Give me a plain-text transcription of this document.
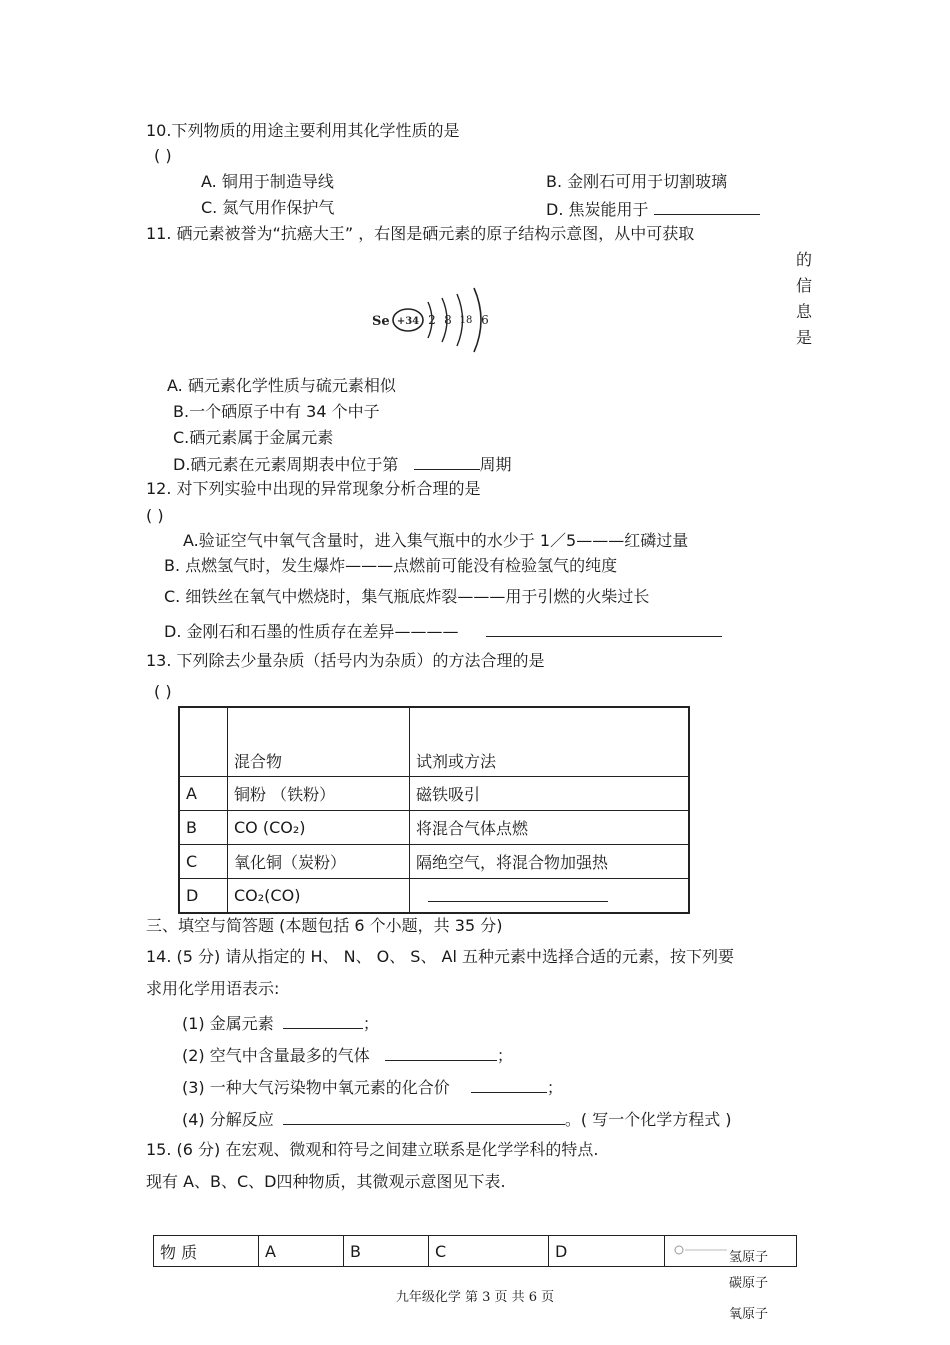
10.下列物质的用途主要利用其化学性质的是
( )
A. 铜用于制造导线	B. 金刚石可用于切割玻璃
C. 氮气用作保护气	D. 焦炭能用于
11. 硒元素被誉为“抗癌大王” ，右图是硒元素的原子结构示意图，从中可获取
的
信
息
是
Se +34 2 8 18 6
A. 硒元素化学性质与硫元素相似
B.一个硒原子中有 34 个中子
C.硒元素属于金属元素
D.硒元素在元素周期表中位于第	周期
12. 对下列实验中出现的异常现象分析合理的是
( )
A.验证空气中氧气含量时，进入集气瓶中的水少于 1／5———红磷过量
B. 点燃氢气时，发生爆炸———点燃前可能没有检验氢气的纯度
C. 细铁丝在氧气中燃烧时，集气瓶底炸裂———用于引燃的火柴过长
D. 金刚石和石墨的性质存在差异————
13. 下列除去少量杂质（括号内为杂质）的方法合理的是
( )
	混合物	试剂或方法
A	铜粉 （铁粉）	磁铁吸引
B	CO (CO₂)	将混合气体点燃
C	氧化铜（炭粉）	隔绝空气，将混合物加强热
D	CO₂(CO)	
三、填空与简答题 (本题包括 6 个小题，共 35 分)
14. (5 分) 请从指定的 H、 N、 O、 S、 Al 五种元素中选择合适的元素，按下列要
求用化学用语表示:
(1) 金属元素	；
(2) 空气中含量最多的气体	；
(3) 一种大气污染物中氧元素的化合价	；
(4) 分解反应	。( 写一个化学方程式 )
15. (6 分) 在宏观、微观和符号之间建立联系是化学学科的特点.
现有 A、B、C、D四种物质，其微观示意图见下表.
物 质	A	B	C	D		氢原子
碳原子
氧原子
九年级化学 第 3 页 共 6 页
